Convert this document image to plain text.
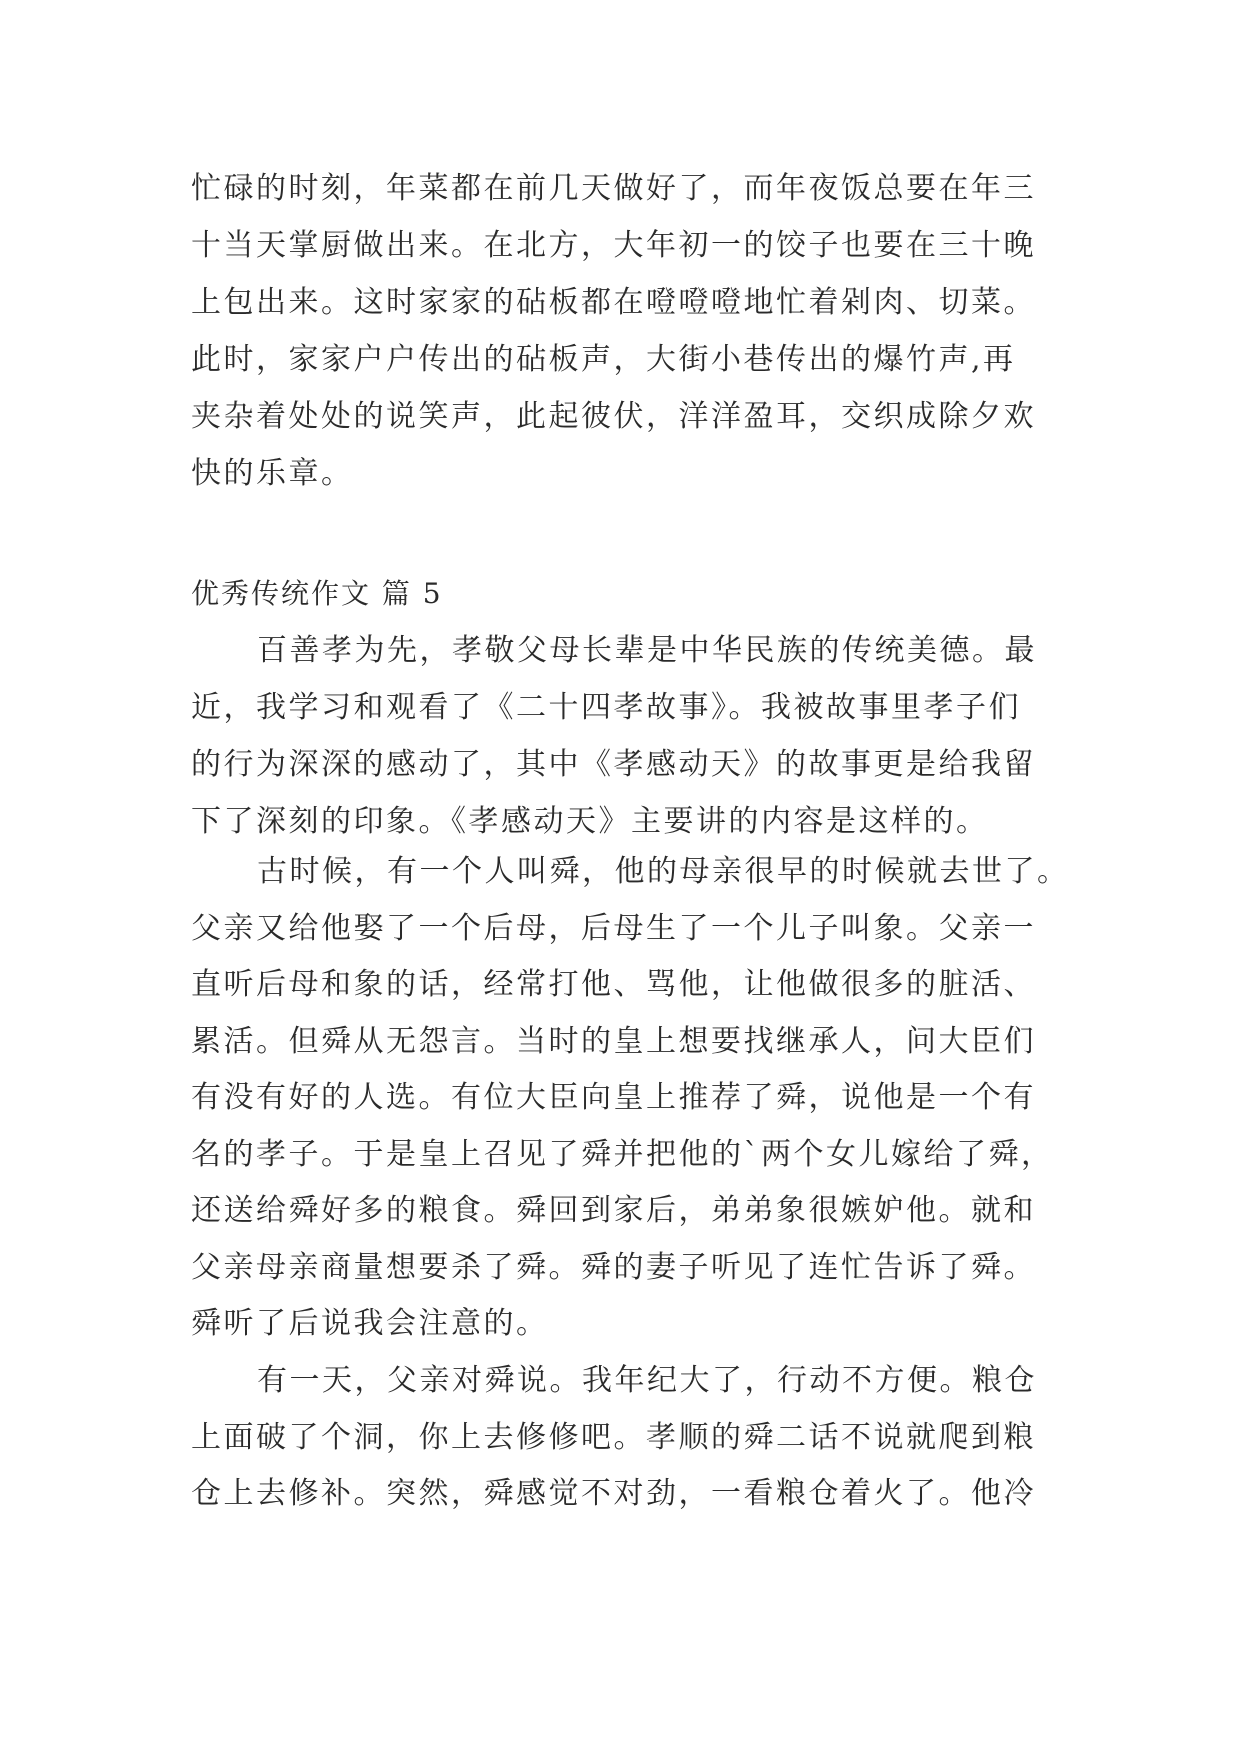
忙碌的时刻，年菜都在前几天做好了，而年夜饭总要在年三
十当天掌厨做出来。在北方，大年初一的饺子也要在三十晚
上包出来。这时家家的砧板都在噔噔噔地忙着剁肉、切菜。
此时，家家户户传出的砧板声，大街小巷传出的爆竹声,再
夹杂着处处的说笑声，此起彼伏，洋洋盈耳，交织成除夕欢
快的乐章。
优秀传统作文 篇 5
百善孝为先，孝敬父母长辈是中华民族的传统美德。最
近，我学习和观看了《二十四孝故事》。我被故事里孝子们
的行为深深的感动了，其中《孝感动天》的故事更是给我留
下了深刻的印象。《孝感动天》主要讲的内容是这样的。
古时候，有一个人叫舜，他的母亲很早的时候就去世了。
父亲又给他娶了一个后母，后母生了一个儿子叫象。父亲一
直听后母和象的话，经常打他、骂他，让他做很多的脏活、
累活。但舜从无怨言。当时的皇上想要找继承人，问大臣们
有没有好的人选。有位大臣向皇上推荐了舜，说他是一个有
名的孝子。于是皇上召见了舜并把他的`两个女儿嫁给了舜，
还送给舜好多的粮食。舜回到家后，弟弟象很嫉妒他。就和
父亲母亲商量想要杀了舜。舜的妻子听见了连忙告诉了舜。
舜听了后说我会注意的。
有一天，父亲对舜说。我年纪大了，行动不方便。粮仓
上面破了个洞，你上去修修吧。孝顺的舜二话不说就爬到粮
仓上去修补。突然，舜感觉不对劲，一看粮仓着火了。他冷
